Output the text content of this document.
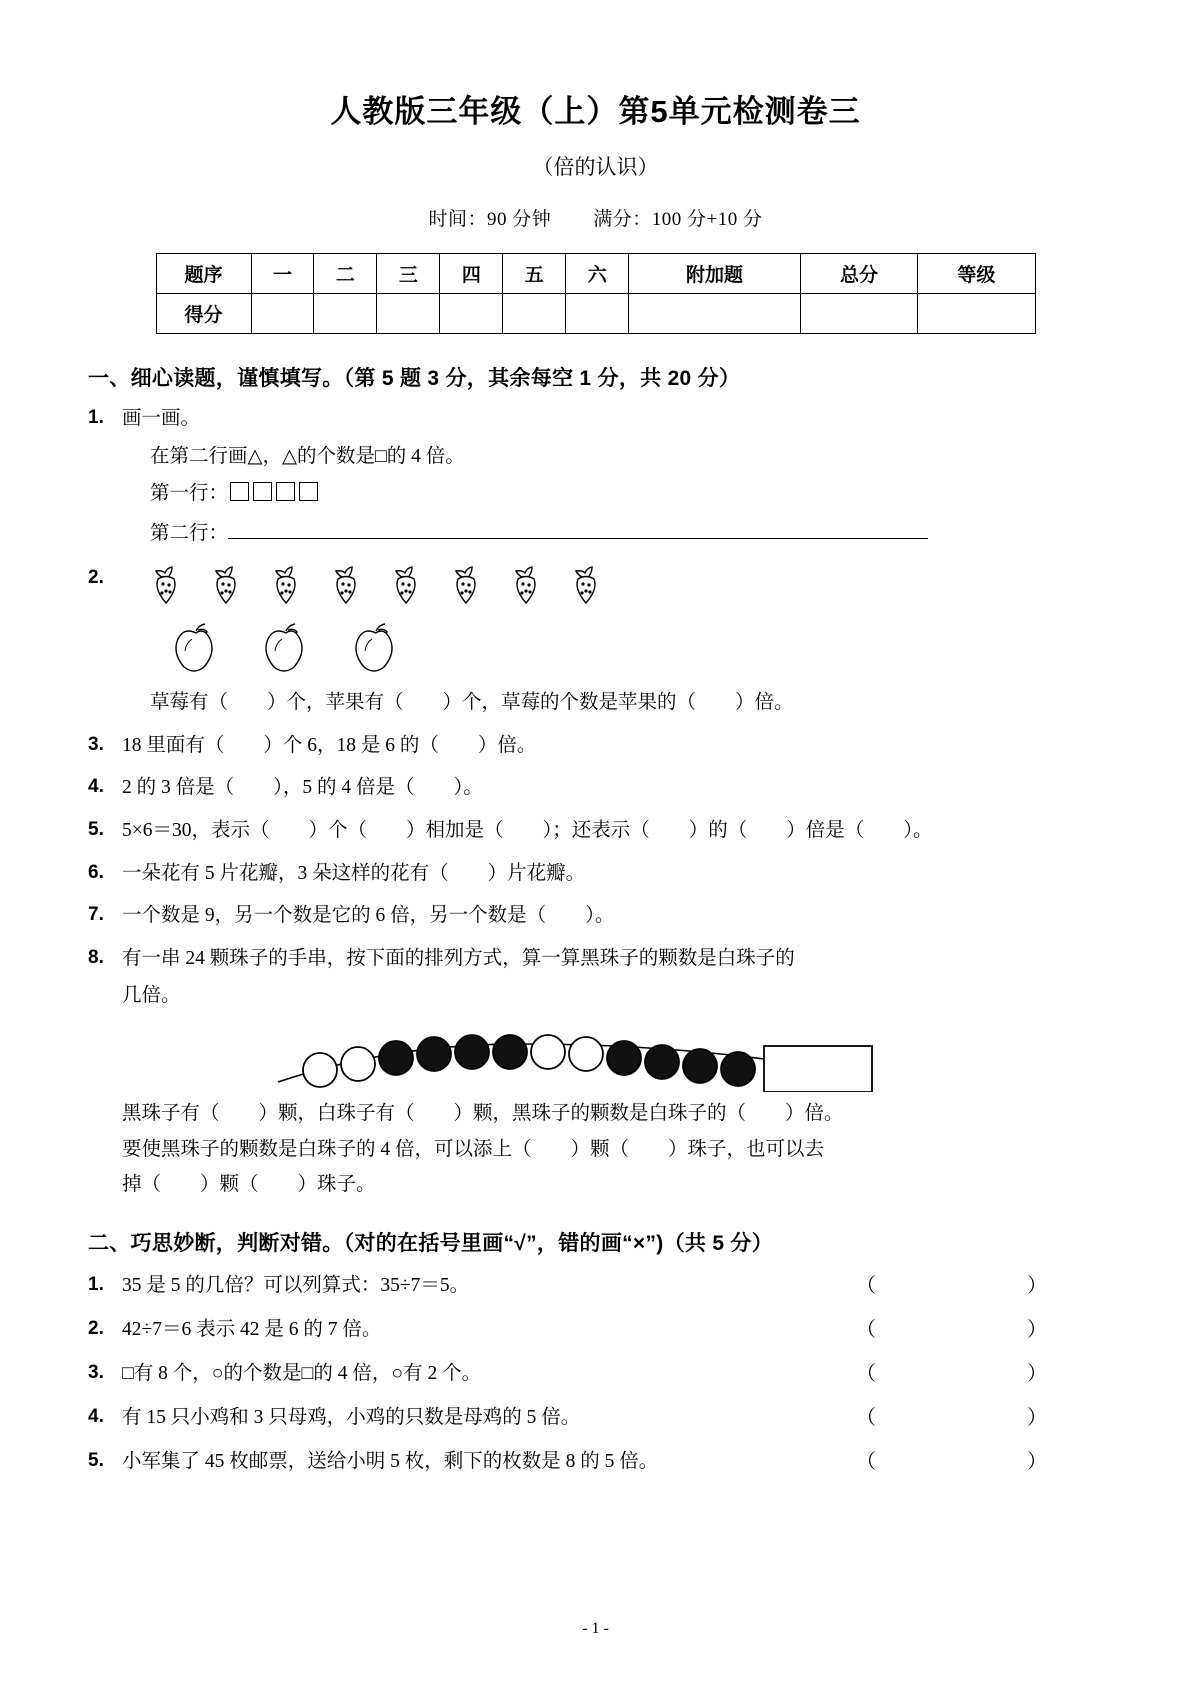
人教版三年级（上）第5单元检测卷三
（倍的认识）
时间：90 分钟 满分：100 分+10 分
题序	一	二	三	四	五	六	附加题	总分	等级
得分									
一、细心读题，谨慎填写。（第 5 题 3 分，其余每空 1 分，共 20 分）
1. 画一画。
在第二行画△，△的个数是□的 4 倍。
第一行：
第二行：
2.
草莓有（　　）个，苹果有（　　）个，草莓的个数是苹果的（　　）倍。
3. 18 里面有（　　）个 6，18 是 6 的（　　）倍。
4. 2 的 3 倍是（　　），5 的 4 倍是（　　）。
5. 5×6＝30，表示（　　）个（　　）相加是（　　）；还表示（　　）的（　　）倍是（　　）。
6. 一朵花有 5 片花瓣，3 朵这样的花有（　　）片花瓣。
7. 一个数是 9，另一个数是它的 6 倍，另一个数是（　　）。
8. 有一串 24 颗珠子的手串，按下面的排列方式，算一算黑珠子的颗数是白珠子的
几倍。
黑珠子有（　　）颗，白珠子有（　　）颗，黑珠子的颗数是白珠子的（　　）倍。
要使黑珠子的颗数是白珠子的 4 倍，可以添上（　　）颗（　　）珠子，也可以去
掉（　　）颗（　　）珠子。
二、巧思妙断，判断对错。（对的在括号里画“√”，错的画“×”)（共 5 分）
1. 35 是 5 的几倍？可以列算式：35÷7＝5。	（   ）
2. 42÷7＝6 表示 42 是 6 的 7 倍。	（   ）
3. □有 8 个，○的个数是□的 4 倍，○有 2 个。	（   ）
4. 有 15 只小鸡和 3 只母鸡，小鸡的只数是母鸡的 5 倍。	（   ）
5. 小军集了 45 枚邮票，送给小明 5 枚，剩下的枚数是 8 的 5 倍。	（   ）
- 1 -
